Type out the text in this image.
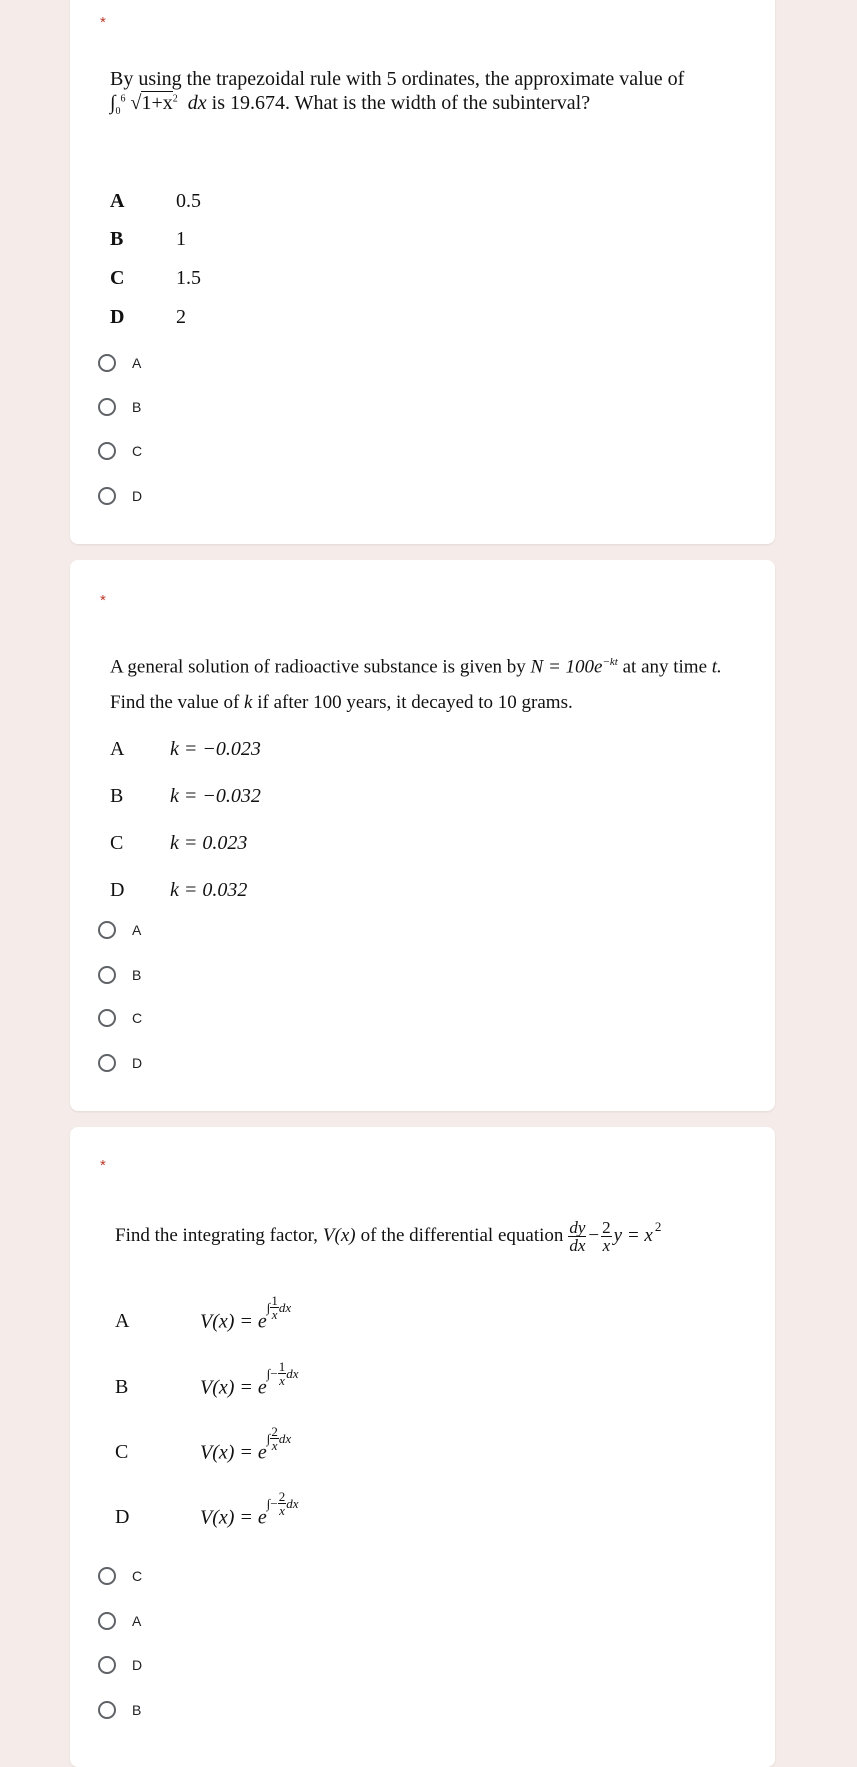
*
By using the trapezoidal rule with 5 ordinates, the approximate value of
$\int_0^6$ $√1+x^2$ dx is 19.674. What is the width of the subinterval?
A	0.5
B	1
C	1.5
D	2
A
B
C
D
*
A general solution of radioactive substance is given by $N = 100e^{-kt}$ at any time t.
Find the value of k if after 100 years, it decayed to 10 grams.
A k = −0.023
B k = −0.032
C k = 0.023
D k = 0.032
A
B
C
D
*
Find the integrating factor, V(x) of the differential equation $\frac{dy}{dx} - \frac{2}{x}$ $y = x^2$
A	V(x) = e
∫ $\frac{1}{x}$ dx
B	V(x) = e
∫ − $\frac{1}{x}$ dx
C	V(x) = e
∫ $\frac{2}{x}$ dx
D	V(x) = e
∫ − $\frac{2}{x}$ dx
C
A
D
B
